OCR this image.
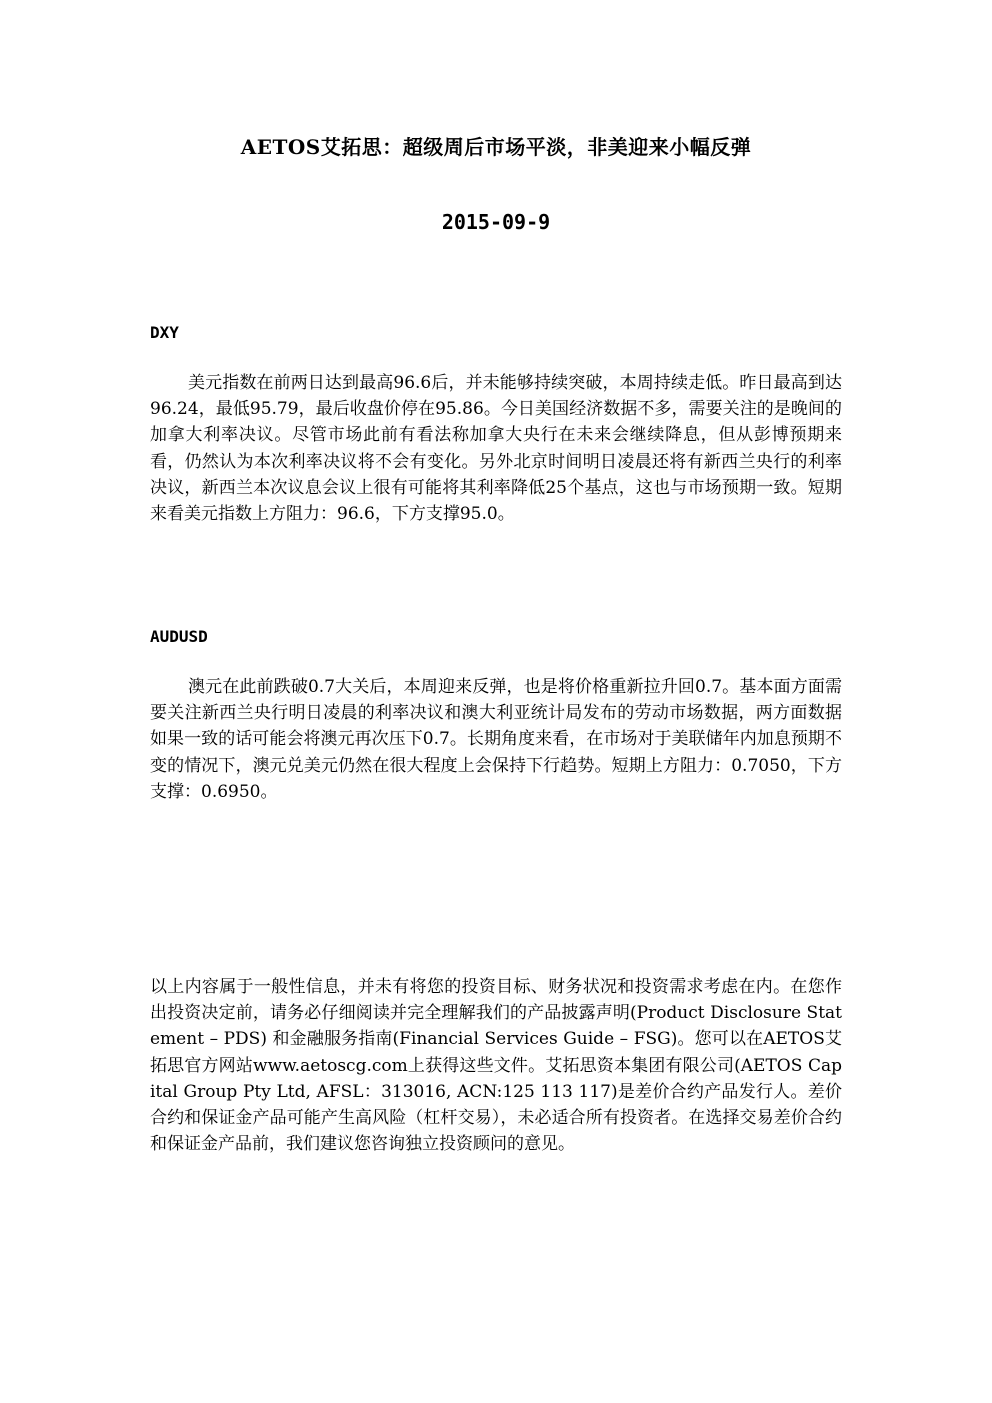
AETOS艾拓思：超级周后市场平淡，非美迎来小幅反弹
2015-09-9
DXY

美元指数在前两日达到最高96.6后，并未能够持续突破，本周持续走低。昨日最高到达96.24，最低95.79，最后收盘价停在95.86。今日美国经济数据不多，需要关注的是晚间的加拿大利率决议。尽管市场此前有看法称加拿大央行在未来会继续降息，但从彭博预期来看，仍然认为本次利率决议将不会有变化。另外北京时间明日凌晨还将有新西兰央行的利率决议，新西兰本次议息会议上很有可能将其利率降低25个基点，这也与市场预期一致。短期来看美元指数上方阻力：96.6，下方支撑95.0。

AUDUSD

澳元在此前跌破0.7大关后，本周迎来反弹，也是将价格重新拉升回0.7。基本面方面需要关注新西兰央行明日凌晨的利率决议和澳大利亚统计局发布的劳动市场数据，两方面数据如果一致的话可能会将澳元再次压下0.7。长期角度来看，在市场对于美联储年内加息预期不变的情况下，澳元兑美元仍然在很大程度上会保持下行趋势。短期上方阻力：0.7050，下方支撑：0.6950。

以上内容属于一般性信息，并未有将您的投资目标、财务状况和投资需求考虑在内。在您作出投资决定前，请务必仔细阅读并完全理解我们的产品披露声明(Product Disclosure Statement – PDS) 和金融服务指南(Financial Services Guide – FSG)。您可以在AETOS艾拓思官方网站www.aetoscg.com上获得这些文件。艾拓思资本集团有限公司(AETOS Capital Group Pty Ltd, AFSL：313016, ACN:125 113 117)是差价合约产品发行人。差价合约和保证金产品可能产生高风险（杠杆交易），未必适合所有投资者。在选择交易差价合约和保证金产品前，我们建议您咨询独立投资顾问的意见。
